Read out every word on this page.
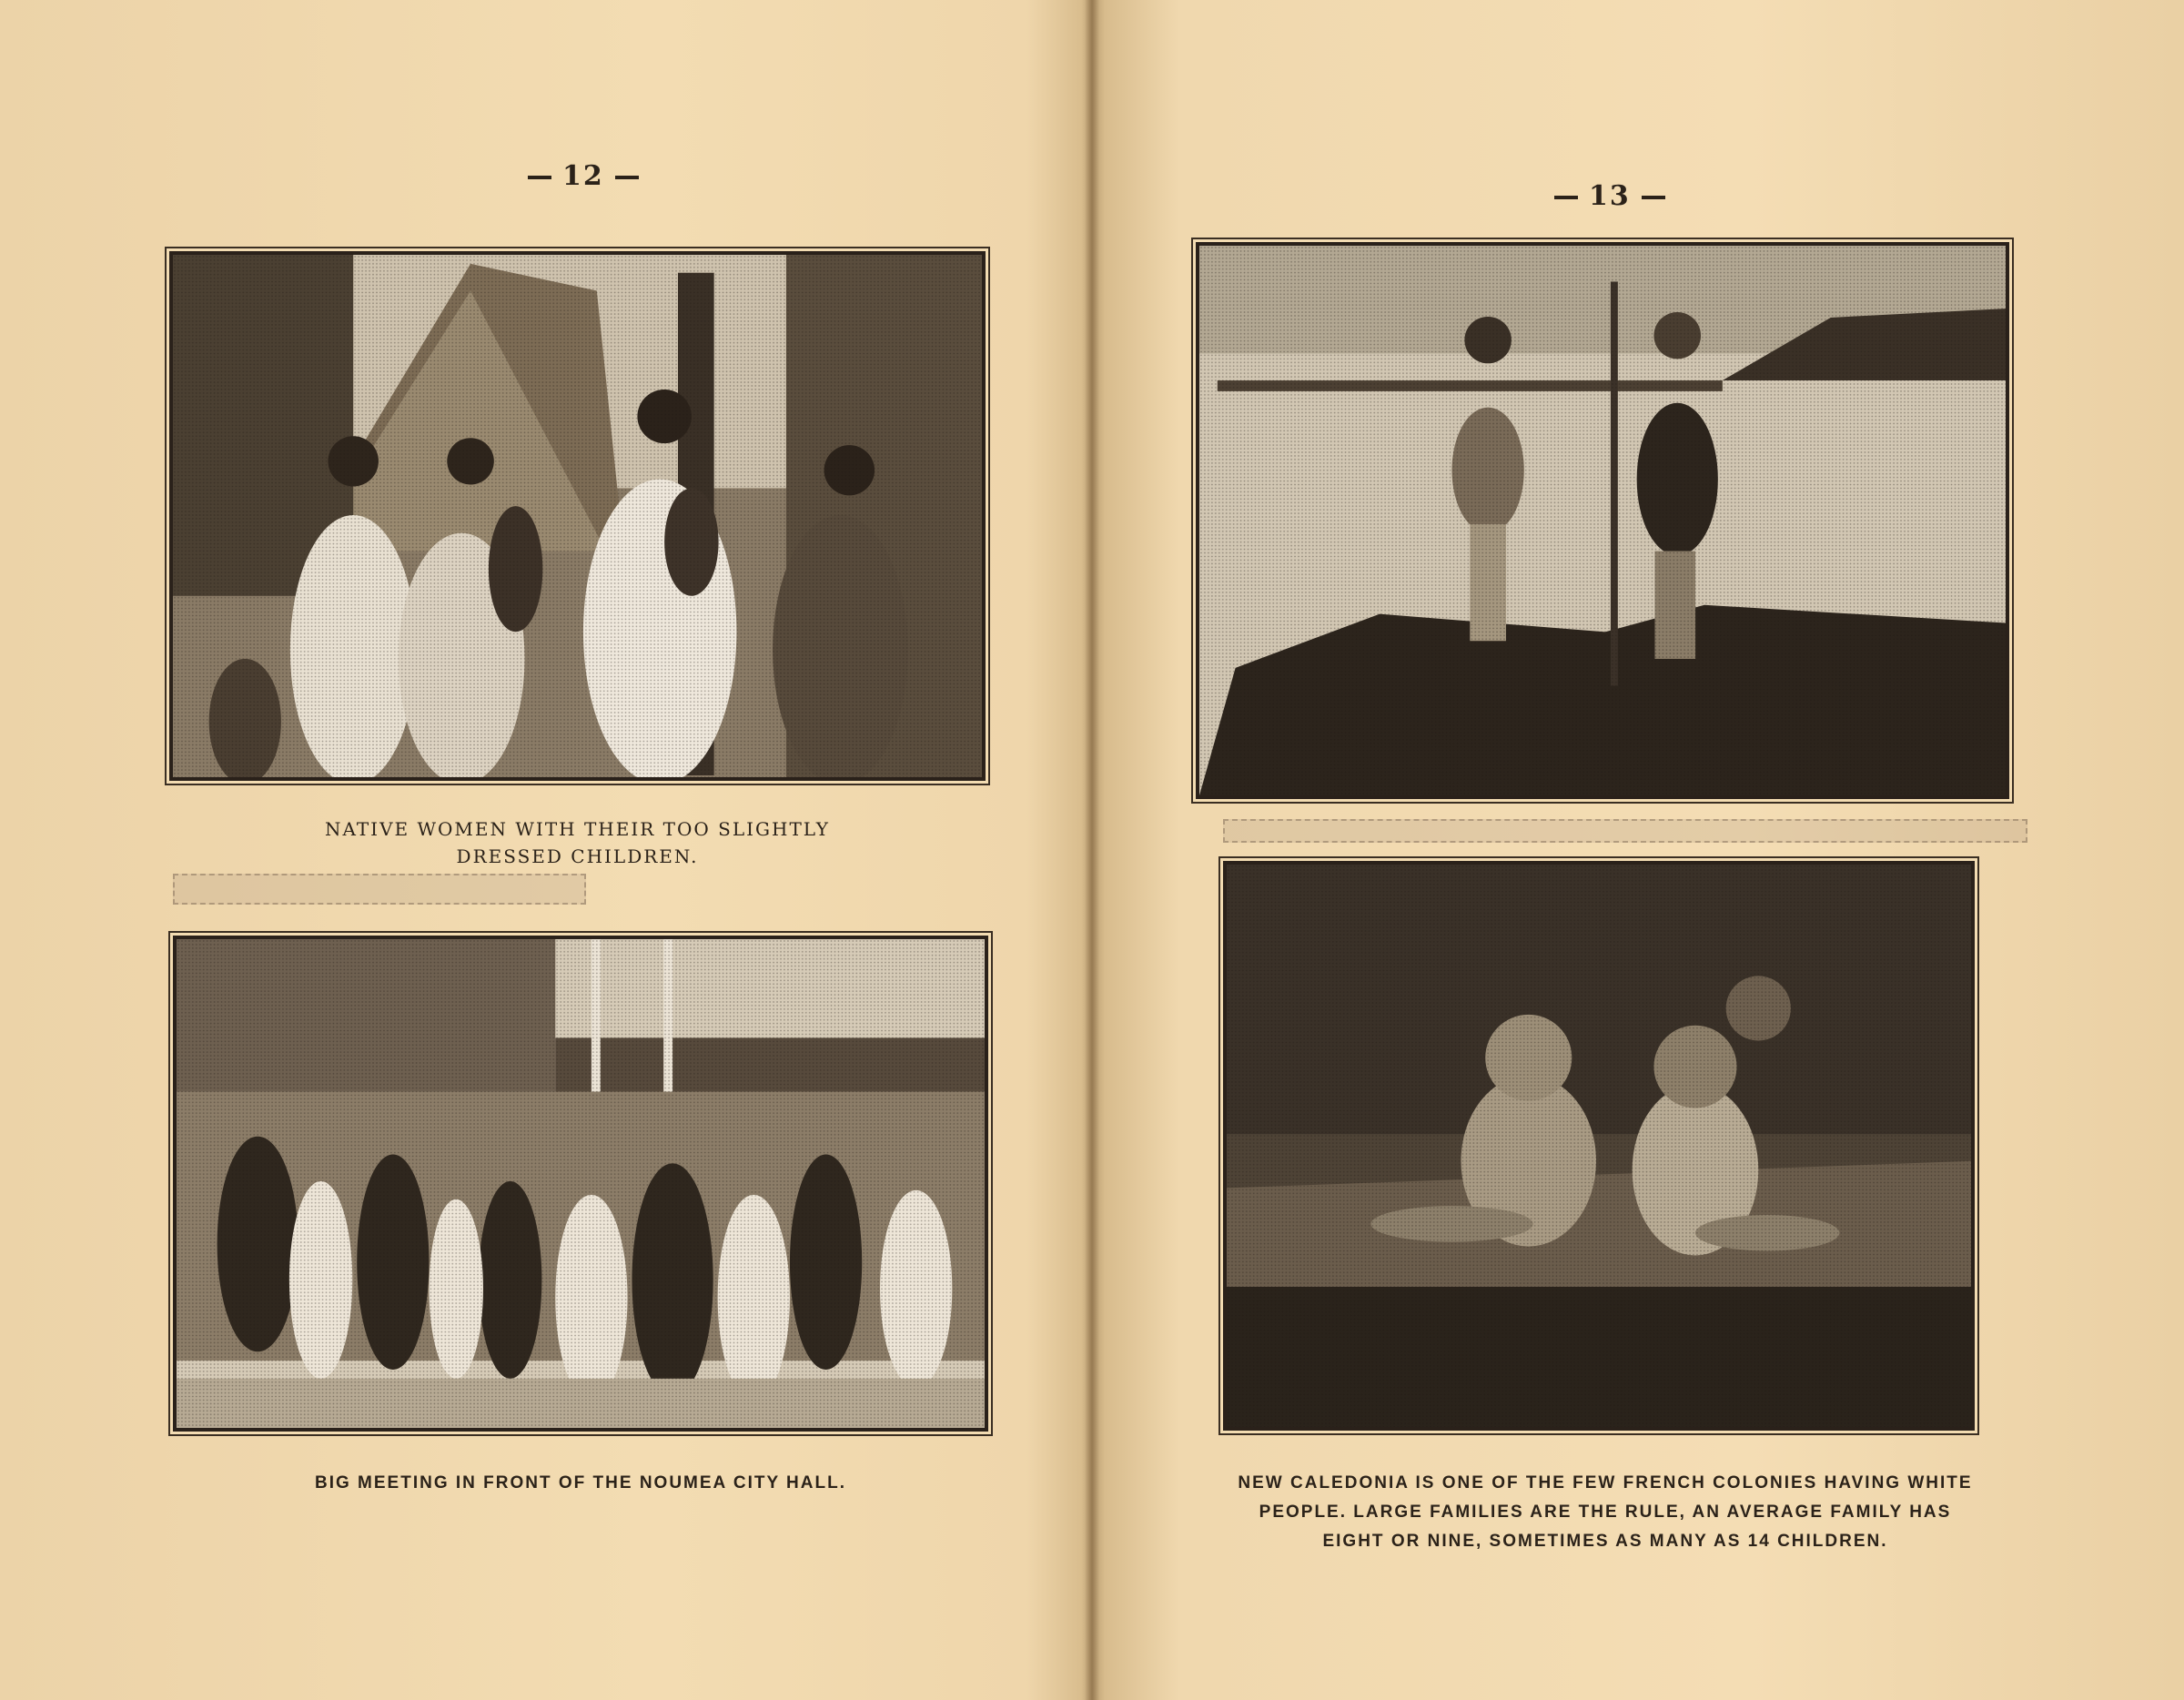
12
NATIVE WOMEN WITH THEIR TOO SLIGHTLY
DRESSED CHILDREN.
BIG MEETING IN FRONT OF THE NOUMEA CITY HALL.
13
NEW CALEDONIA IS ONE OF THE FEW FRENCH COLONIES HAVING WHITE
PEOPLE. LARGE FAMILIES ARE THE RULE, AN AVERAGE FAMILY HAS
EIGHT OR NINE, SOMETIMES AS MANY AS 14 CHILDREN.
